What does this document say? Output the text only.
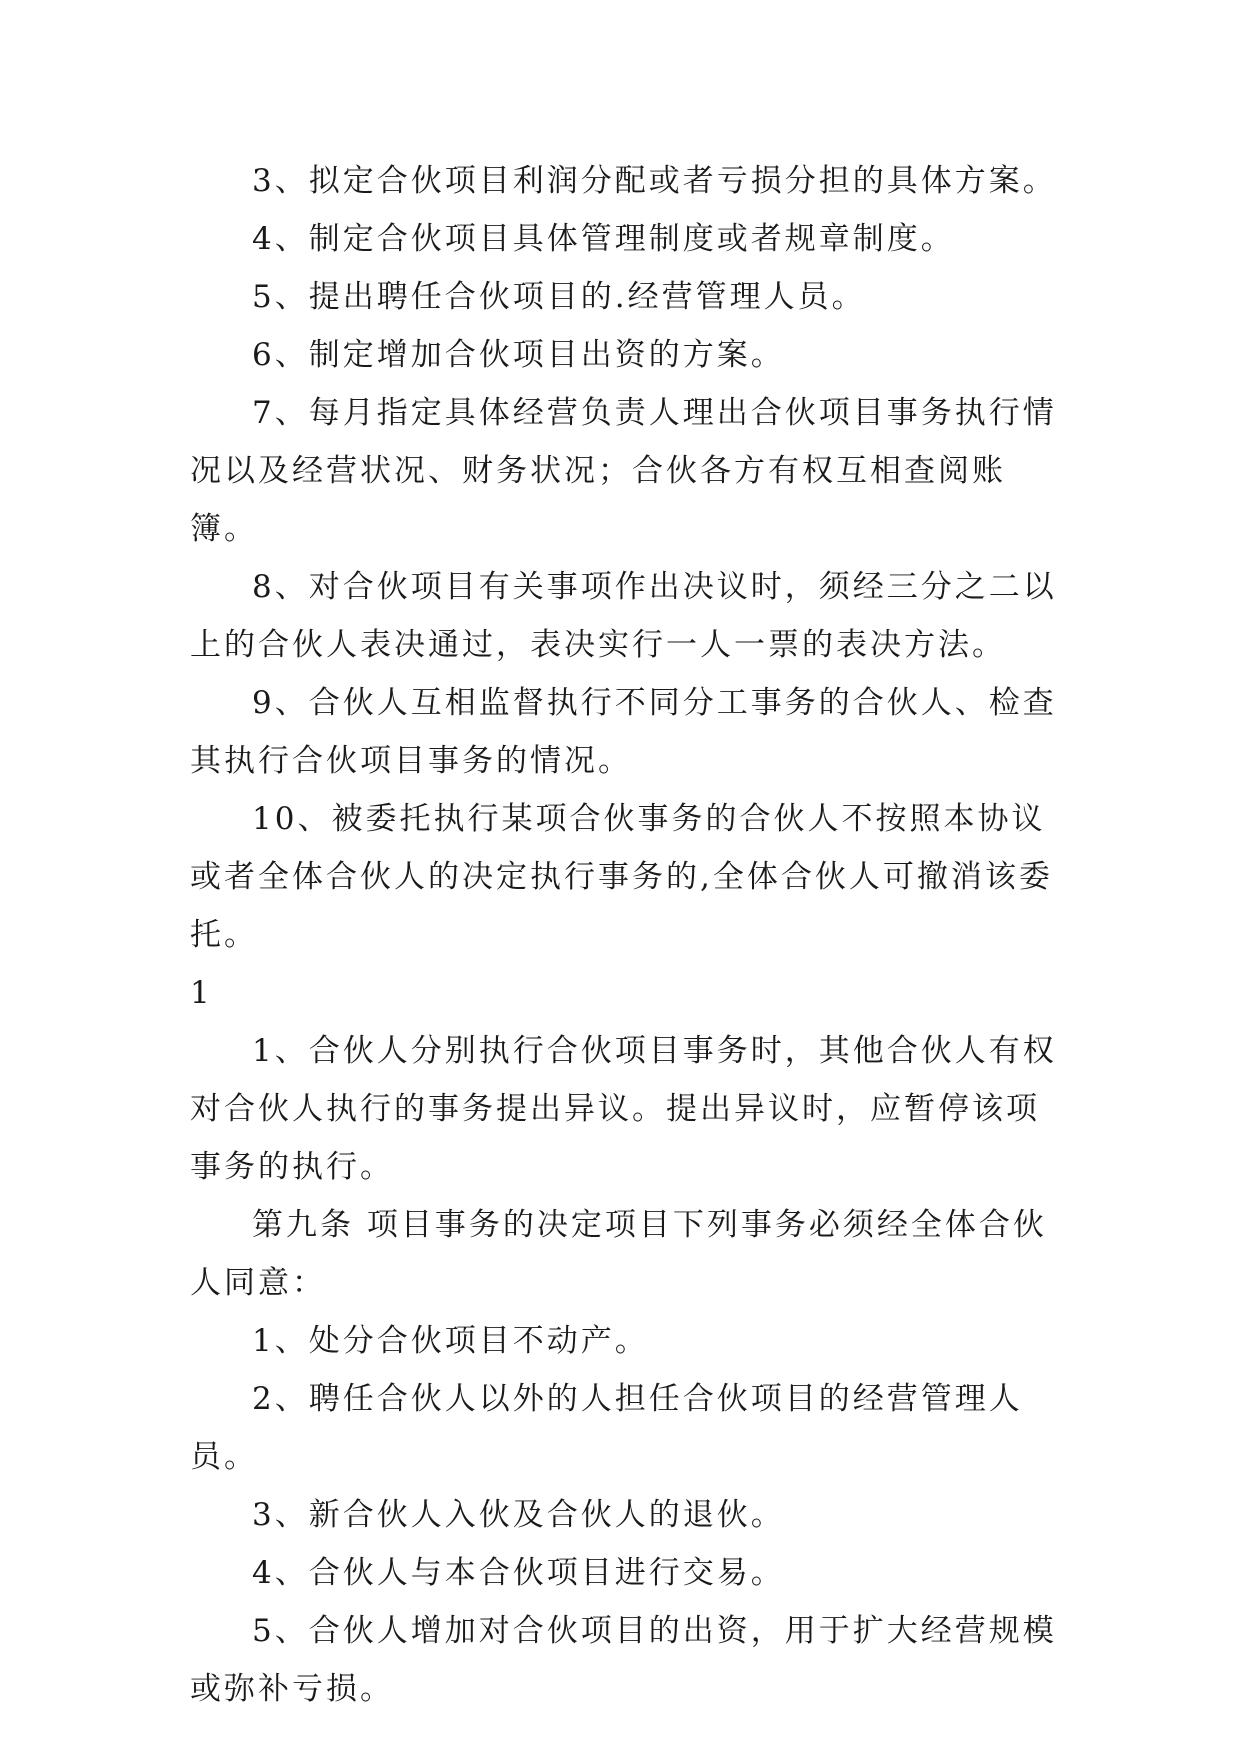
3、拟定合伙项目利润分配或者亏损分担的具体方案。

4、制定合伙项目具体管理制度或者规章制度。

5、提出聘任合伙项目的.经营管理人员。

6、制定增加合伙项目出资的方案。

7、每月指定具体经营负责人理出合伙项目事务执行情况以及经营状况、财务状况；合伙各方有权互相查阅账簿。

8、对合伙项目有关事项作出决议时，须经三分之二以上的合伙人表决通过，表决实行一人一票的表决方法。

9、合伙人互相监督执行不同分工事务的合伙人、检查其执行合伙项目事务的情况。

10、被委托执行某项合伙事务的合伙人不按照本协议或者全体合伙人的决定执行事务的,全体合伙人可撤消该委托。

1

1、合伙人分别执行合伙项目事务时，其他合伙人有权对合伙人执行的事务提出异议。提出异议时，应暂停该项事务的执行。

第九条 项目事务的决定项目下列事务必须经全体合伙人同意：

1、处分合伙项目不动产。

2、聘任合伙人以外的人担任合伙项目的经营管理人员。

3、新合伙人入伙及合伙人的退伙。

4、合伙人与本合伙项目进行交易。

5、合伙人增加对合伙项目的出资，用于扩大经营规模或弥补亏损。
